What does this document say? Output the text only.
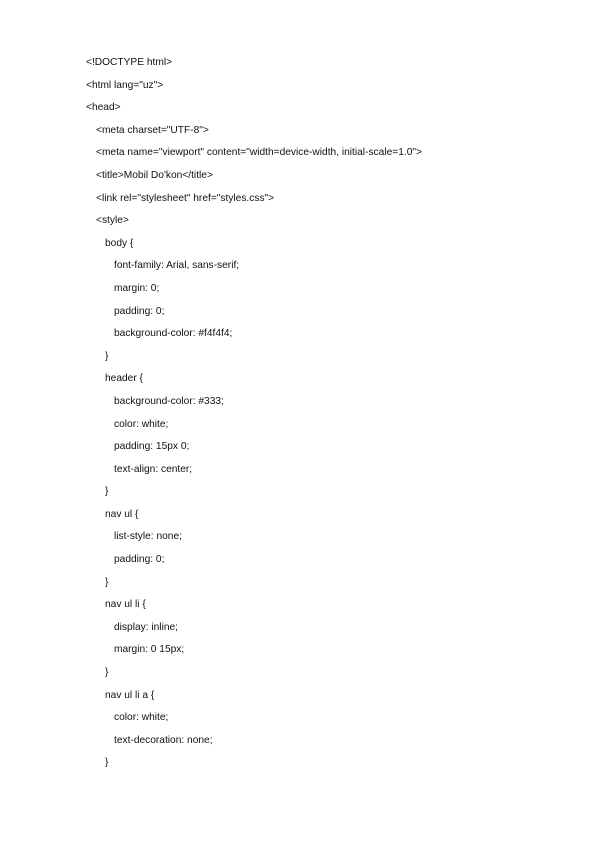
<!DOCTYPE html>
<html lang="uz">
<head>
<meta charset="UTF-8">
<meta name="viewport" content="width=device-width, initial-scale=1.0">
<title>Mobil Do'kon</title>
<link rel="stylesheet" href="styles.css">
<style>
body {
font-family: Arial, sans-serif;
margin: 0;
padding: 0;
background-color: #f4f4f4;
}
header {
background-color: #333;
color: white;
padding: 15px 0;
text-align: center;
}
nav ul {
list-style: none;
padding: 0;
}
nav ul li {
display: inline;
margin: 0 15px;
}
nav ul li a {
color: white;
text-decoration: none;
}
